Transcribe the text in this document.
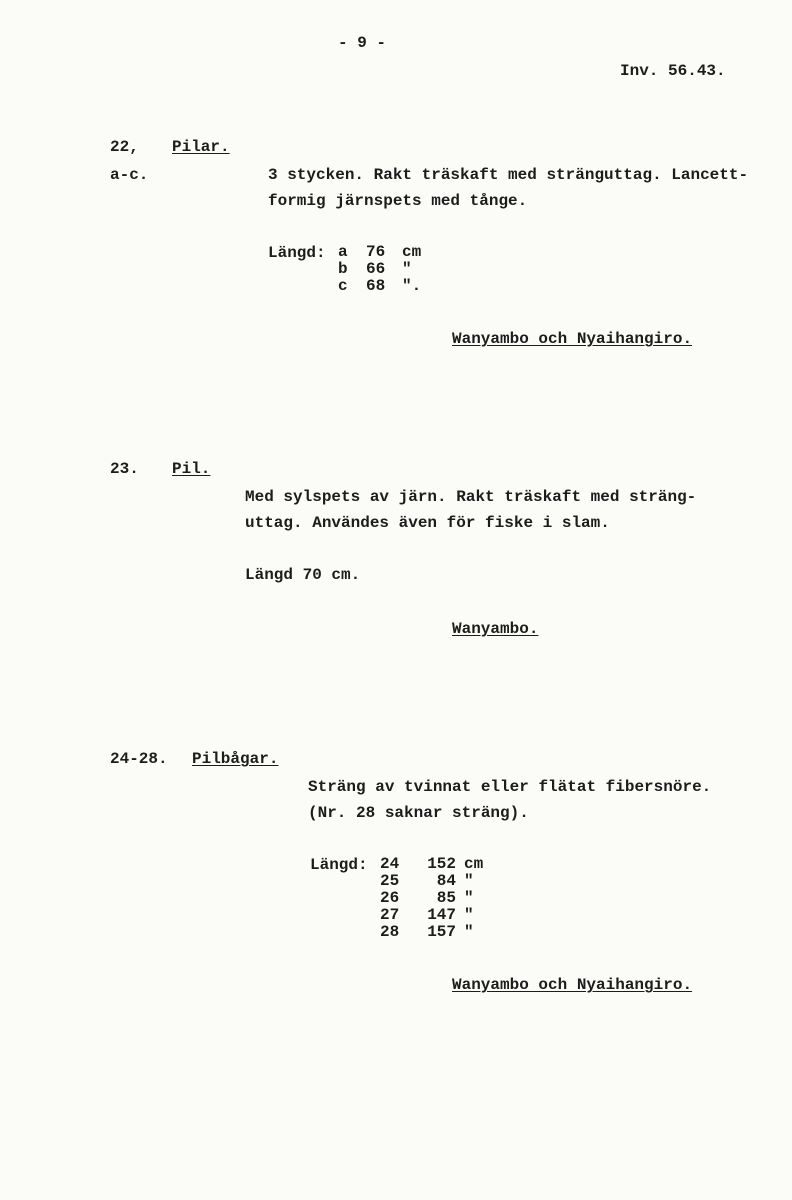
- 9 -
Inv. 56.43.
22, Pilar.
a-c.	3 stycken. Rakt träskaft med stränguttag. Lancett-
formig järnspets med tånge.
Längd: a	76	cm
b	66	"
c	68	".
Wanyambo och Nyaihangiro.
23. Pil.
Med sylspets av järn. Rakt träskaft med sträng-
uttag. Användes även för fiske i slam.
Längd 70 cm.
Wanyambo.
24-28. Pilbågar.
Sträng av tvinnat eller flätat fibersnöre.
(Nr. 28 saknar sträng).
Längd: 24	152 cm
25	84 "
26	85 "
27	147 "
28	157 "
Wanyambo och Nyaihangiro.
